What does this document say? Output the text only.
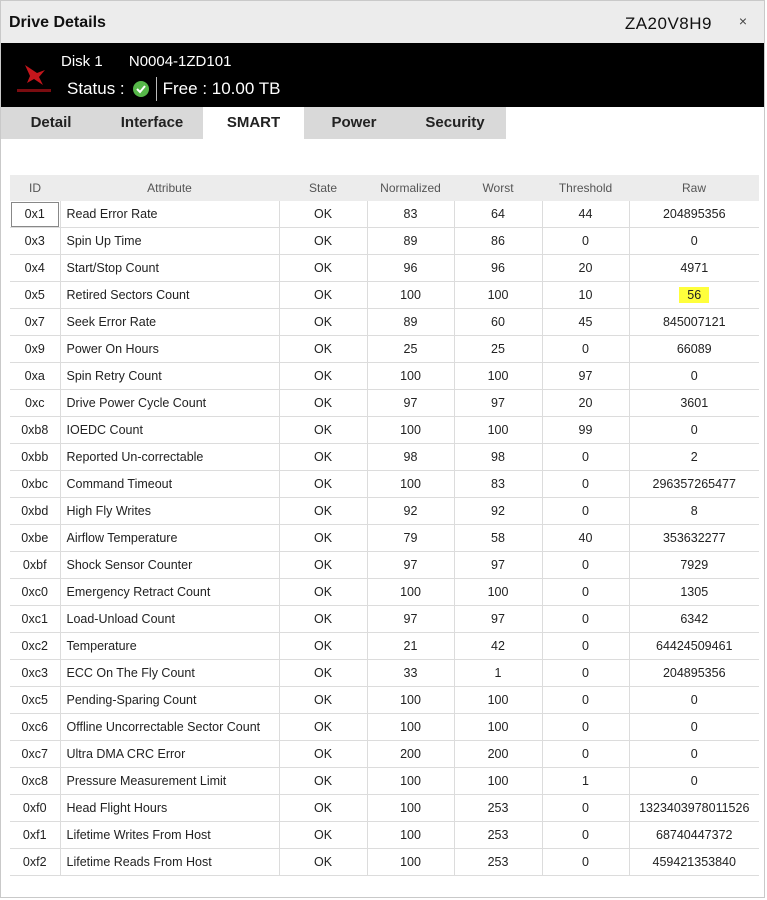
Drive Details	ZA20V8H9 ×
Disk 1 N0004-1ZD101
Status : Free : 10.00 TB
Detail	Interface	SMART	Power	Security
ID	Attribute	State	Normalized	Worst	Threshold	Raw
0x1	Read Error Rate	OK	83	64	44	204895356
0x3	Spin Up Time	OK	89	86	0	0
0x4	Start/Stop Count	OK	96	96	20	4971
0x5	Retired Sectors Count	OK	100	100	10	56
0x7	Seek Error Rate	OK	89	60	45	845007121
0x9	Power On Hours	OK	25	25	0	66089
0xa	Spin Retry Count	OK	100	100	97	0
0xc	Drive Power Cycle Count	OK	97	97	20	3601
0xb8	IOEDC Count	OK	100	100	99	0
0xbb	Reported Un-correctable	OK	98	98	0	2
0xbc	Command Timeout	OK	100	83	0	296357265477
0xbd	High Fly Writes	OK	92	92	0	8
0xbe	Airflow Temperature	OK	79	58	40	353632277
0xbf	Shock Sensor Counter	OK	97	97	0	7929
0xc0	Emergency Retract Count	OK	100	100	0	1305
0xc1	Load-Unload Count	OK	97	97	0	6342
0xc2	Temperature	OK	21	42	0	64424509461
0xc3	ECC On The Fly Count	OK	33	1	0	204895356
0xc5	Pending-Sparing Count	OK	100	100	0	0
0xc6	Offline Uncorrectable Sector Count	OK	100	100	0	0
0xc7	Ultra DMA CRC Error	OK	200	200	0	0
0xc8	Pressure Measurement Limit	OK	100	100	1	0
0xf0	Head Flight Hours	OK	100	253	0	1323403978011526
0xf1	Lifetime Writes From Host	OK	100	253	0	68740447372
0xf2	Lifetime Reads From Host	OK	100	253	0	459421353840
